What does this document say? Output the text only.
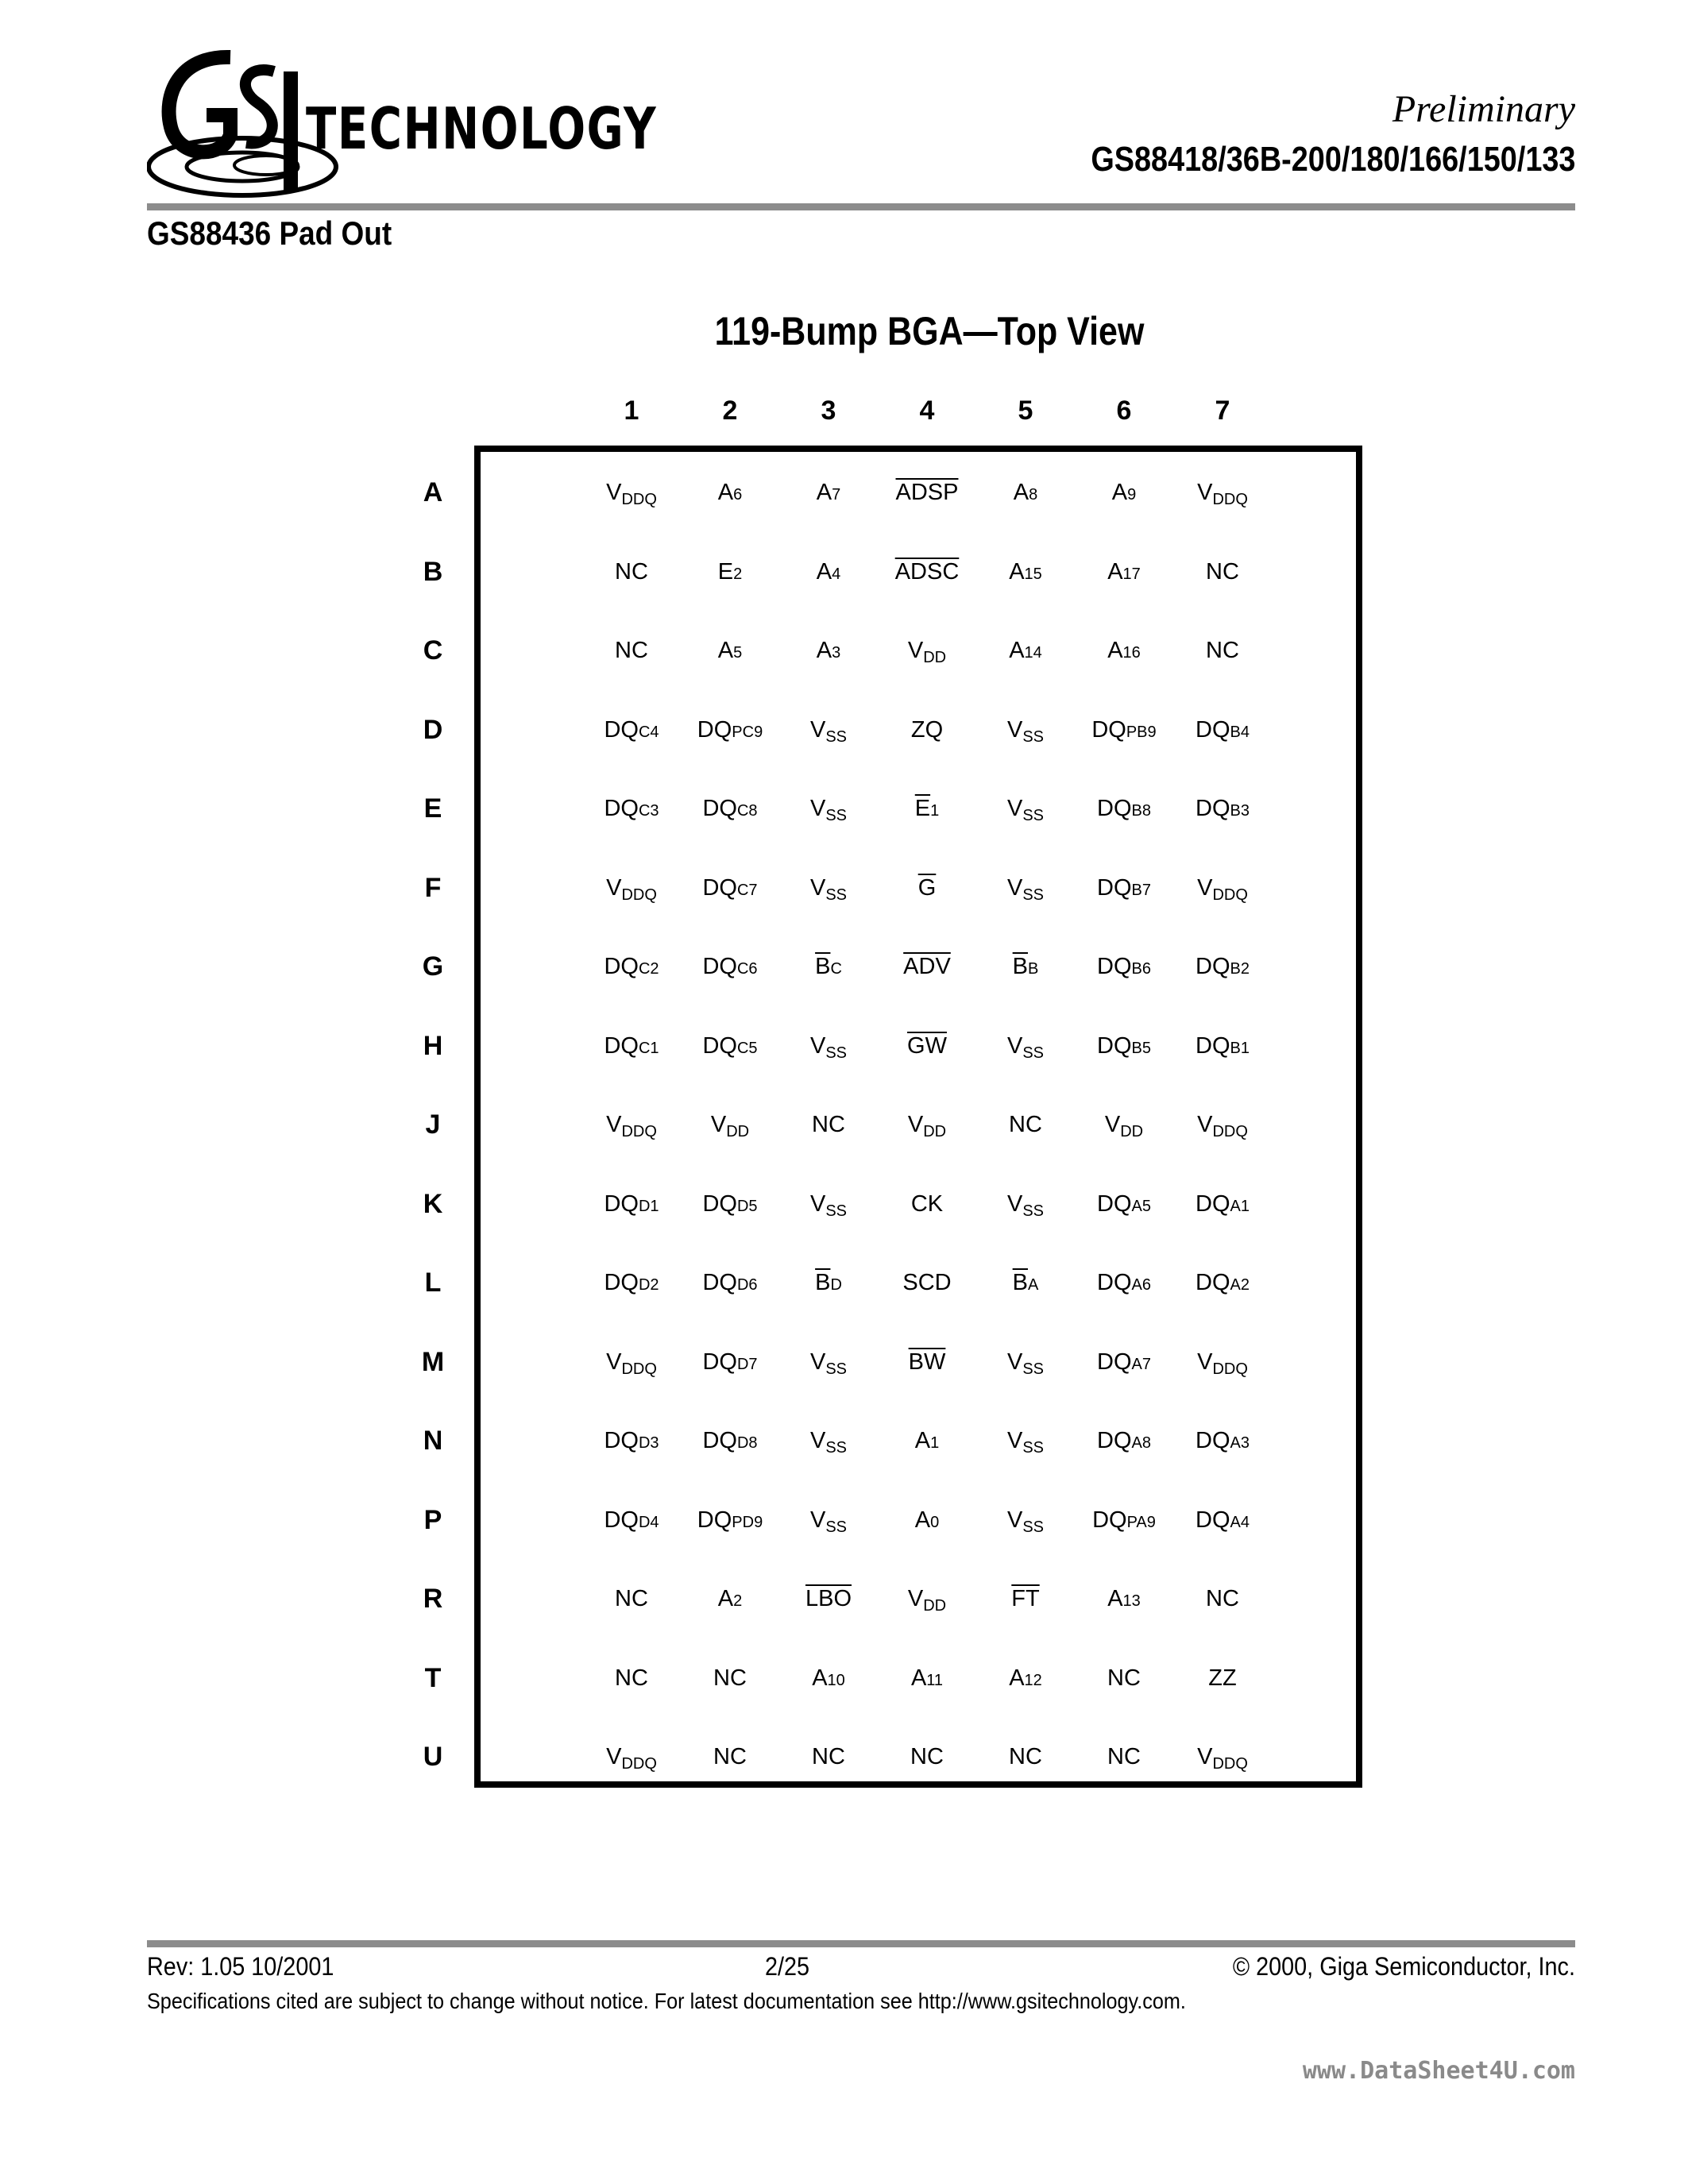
TECHNOLOGY	Preliminary
GS88418/36B-200/180/166/150/133
GS88436 Pad Out
119-Bump BGA—Top View
1	2	3	4	5	6	7
A	$V_{DDQ}$	A6	A7	ADSP	A8	A9	$V_{DDQ}$
B	NC	E2	A4	ADSC	A15	A17	NC
C	NC	A5	A3	$V_{DD}$	A14	A16	NC
D	DQC4	DQPC9	$V_{SS}$	ZQ	$V_{SS}$	DQPB9	DQB4
E	DQC3	DQC8	$V_{SS}$	$\overline{E}1$	$V_{SS}$	DQB8	DQB3
F	$V_{DDQ}$	DQC7	$V_{SS}$	$\overline{G}$	$V_{SS}$	DQB7	$V_{DDQ}$
G	DQC2	DQC6	$\overline{B}C$	$\overline{ADV}$	$\overline{B}B$	DQB6	DQB2
H	DQC1	DQC5	$V_{SS}$	$\overline{GW}$	$V_{SS}$	DQB5	DQB1
J	$V_{DDQ}$	$V_{DD}$	NC	$V_{DD}$	NC	$V_{DD}$	$V_{DDQ}$
K	DQD1	DQD5	$V_{SS}$	CK	$V_{SS}$	DQA5	DQA1
L	DQD2	DQD6	$\overline{B}D$	SCD	$\overline{B}A$	DQA6	DQA2
M	$V_{DDQ}$	DQD7	$V_{SS}$	$\overline{BW}$	$V_{SS}$	DQA7	$V_{DDQ}$
N	DQD3	DQD8	$V_{SS}$	A1	$V_{SS}$	DQA8	DQA3
P	DQD4	DQPD9	$V_{SS}$	A0	$V_{SS}$	DQPA9	DQA4
R	NC	A2	$\overline{LBO}$	$V_{DD}$	$\overline{FT}$	A13	NC
T	NC	NC	A10	A11	A12	NC	ZZ
U	$V_{DDQ}$	NC	NC	NC	NC	NC	$V_{DDQ}$
Rev: 1.05 10/2001	2/25	© 2000, Giga Semiconductor, Inc.
Specifications cited are subject to change without notice. For latest documentation see http://www.gsitechnology.com.
www.DataSheet4U.com
